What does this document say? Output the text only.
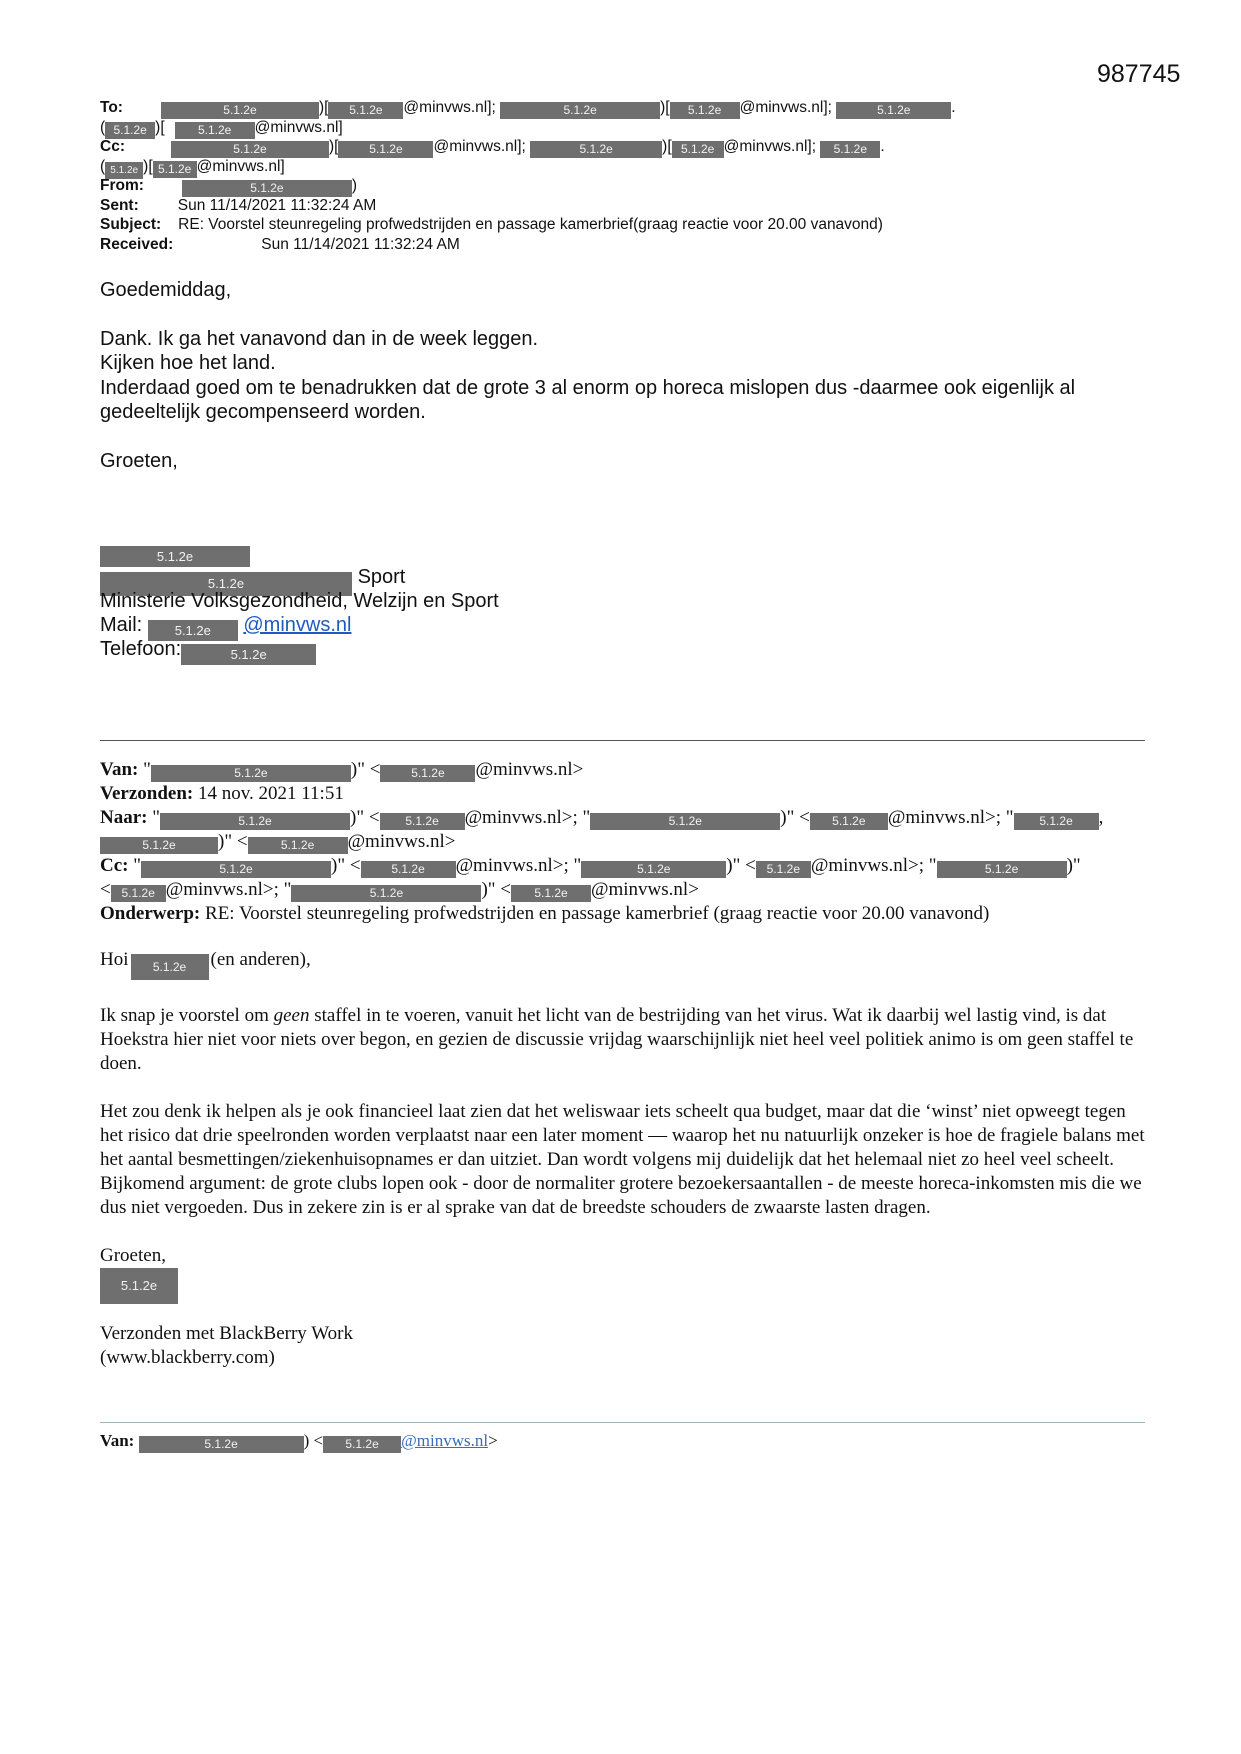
987745
To:	5.1.2e	)[ 5.1.2e @minvws.nl];	5.1.2e	)[ 5.1.2e @minvws.nl];	5.1.2e	.
( 5.1.2e )[	5.1.2e @minvws.nl]
Cc:	5.1.2e	)[	5.1.2e @minvws.nl];	5.1.2e	)[ 5.1.2e @minvws.nl]; 5.1.2e .
( 5.1.2e )[ 5.1.2e @minvws.nl]
From:	5.1.2e	)
Sent:	Sun 11/14/2021 11:32:24 AM
Subject: RE: Voorstel steunregeling profwedstrijden en passage kamerbrief(graag reactie voor 20.00 vanavond)
Received:	Sun 11/14/2021 11:32:24 AM

Goedemiddag,

Dank. Ik ga het vanavond dan in de week leggen.

Kijken hoe het land.

Inderdaad goed om te benadrukken dat de grote 3 al enorm op horeca mislopen dus -daarmee ook eigenlijk al gedeeltelijk gecompenseerd worden.

Groeten,

5.1.2e
5.1.2e	Sport
Ministerie Volksgezondheid, Welzijn en Sport
Mail: 5.1.2e @minvws.nl
Telefoon:	5.1.2e
Van: "	5.1.2e	)" <	5.1.2e @minvws.nl>
Verzonden: 14 nov. 2021 11:51
Naar: "	5.1.2e	)" < 5.1.2e @minvws.nl>; "	5.1.2e	)" < 5.1.2e @minvws.nl>; " 5.1.2e ,
5.1.2e )" <	5.1.2e @minvws.nl>
Cc: "	5.1.2e	)" <	5.1.2e @minvws.nl>; "	5.1.2e	)" < 5.1.2e @minvws.nl>; "	5.1.2e	)"
< 5.1.2e @minvws.nl>; "	5.1.2e	)" < 5.1.2e @minvws.nl>
Onderwerp: RE: Voorstel steunregeling profwedstrijden en passage kamerbrief (graag reactie voor 20.00 vanavond)

Hoi 5.1.2e (en anderen),

Ik snap je voorstel om geen staffel in te voeren, vanuit het licht van de bestrijding van het virus. Wat ik daarbij wel lastig vind, is dat Hoekstra hier niet voor niets over begon, en gezien de discussie vrijdag waarschijnlijk niet heel veel politiek animo is om geen staffel te doen.

Het zou denk ik helpen als je ook financieel laat zien dat het weliswaar iets scheelt qua budget, maar dat die ‘winst’ niet opweegt tegen het risico dat drie speelronden worden verplaatst naar een later moment — waarop het nu natuurlijk onzeker is hoe de fragiele balans met het aantal besmettingen/ziekenhuisopnames er dan uitziet. Dan wordt volgens mij duidelijk dat het helemaal niet zo heel veel scheelt. Bijkomend argument: de grote clubs lopen ook - door de normaliter grotere bezoekersaantallen - de meeste horeca-inkomsten mis die we dus niet vergoeden. Dus in zekere zin is er al sprake van dat de breedste schouders de zwaarste lasten dragen.

Groeten,

5.1.2e

Verzonden met BlackBerry Work

(www.blackberry.com)

Van:	5.1.2e	) < 5.1.2e @minvws.nl>
